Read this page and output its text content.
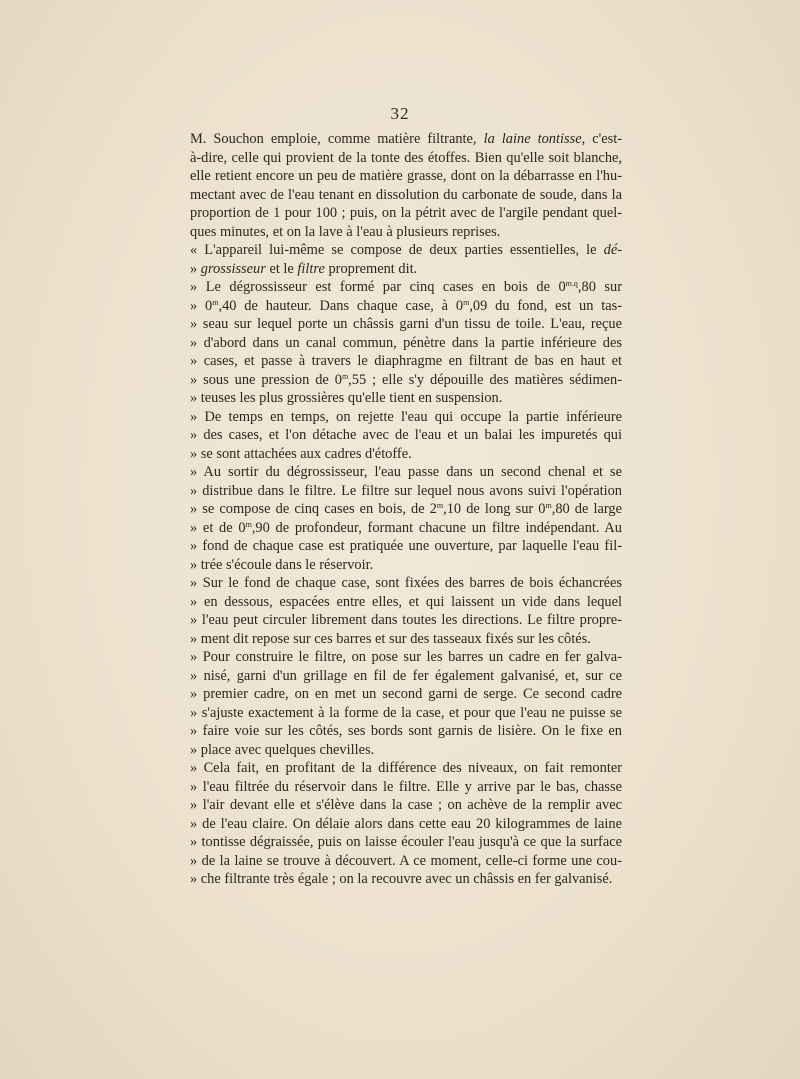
32
M. Souchon emploie, comme matière filtrante, la laine tontisse, c'est-
à-dire, celle qui provient de la tonte des étoffes. Bien qu'elle soit blanche,
elle retient encore un peu de matière grasse, dont on la débarrasse en l'hu-
mectant avec de l'eau tenant en dissolution du carbonate de soude, dans la
proportion de 1 pour 100 ; puis, on la pétrit avec de l'argile pendant quel-
ques minutes, et on la lave à l'eau à plusieurs reprises.
« L'appareil lui-même se compose de deux parties essentielles, le dé-
» grossisseur et le filtre proprement dit.
» Le dégrossisseur est formé par cinq cases en bois de $0^{m.q},80$ sur
» 0$^m$,40 de hauteur. Dans chaque case, à 0$^m$,09 du fond, est un tas-
» seau sur lequel porte un châssis garni d'un tissu de toile. L'eau, reçue
» d'abord dans un canal commun, pénètre dans la partie inférieure des
» cases, et passe à travers le diaphragme en filtrant de bas en haut et
» sous une pression de 0$^m$,55 ; elle s'y dépouille des matières sédimen-
» teuses les plus grossières qu'elle tient en suspension.
» De temps en temps, on rejette l'eau qui occupe la partie inférieure
» des cases, et l'on détache avec de l'eau et un balai les impuretés qui
» se sont attachées aux cadres d'étoffe.
» Au sortir du dégrossisseur, l'eau passe dans un second chenal et se
» distribue dans le filtre. Le filtre sur lequel nous avons suivi l'opération
» se compose de cinq cases en bois, de 2$^m$,10 de long sur 0$^m$,80 de large
» et de 0$^m$,90 de profondeur, formant chacune un filtre indépendant. Au
» fond de chaque case est pratiquée une ouverture, par laquelle l'eau fil-
» trée s'écoule dans le réservoir.
» Sur le fond de chaque case, sont fixées des barres de bois échancrées
» en dessous, espacées entre elles, et qui laissent un vide dans lequel
» l'eau peut circuler librement dans toutes les directions. Le filtre propre-
» ment dit repose sur ces barres et sur des tasseaux fixés sur les côtés.
» Pour construire le filtre, on pose sur les barres un cadre en fer galva-
» nisé, garni d'un grillage en fil de fer également galvanisé, et, sur ce
» premier cadre, on en met un second garni de serge. Ce second cadre
» s'ajuste exactement à la forme de la case, et pour que l'eau ne puisse se
» faire voie sur les côtés, ses bords sont garnis de lisière. On le fixe en
» place avec quelques chevilles.
» Cela fait, en profitant de la différence des niveaux, on fait remonter
» l'eau filtrée du réservoir dans le filtre. Elle y arrive par le bas, chasse
» l'air devant elle et s'élève dans la case ; on achève de la remplir avec
» de l'eau claire. On délaie alors dans cette eau 20 kilogrammes de laine
» tontisse dégraissée, puis on laisse écouler l'eau jusqu'à ce que la surface
» de la laine se trouve à découvert. A ce moment, celle-ci forme une cou-
» che filtrante très égale ; on la recouvre avec un châssis en fer galvanisé.
